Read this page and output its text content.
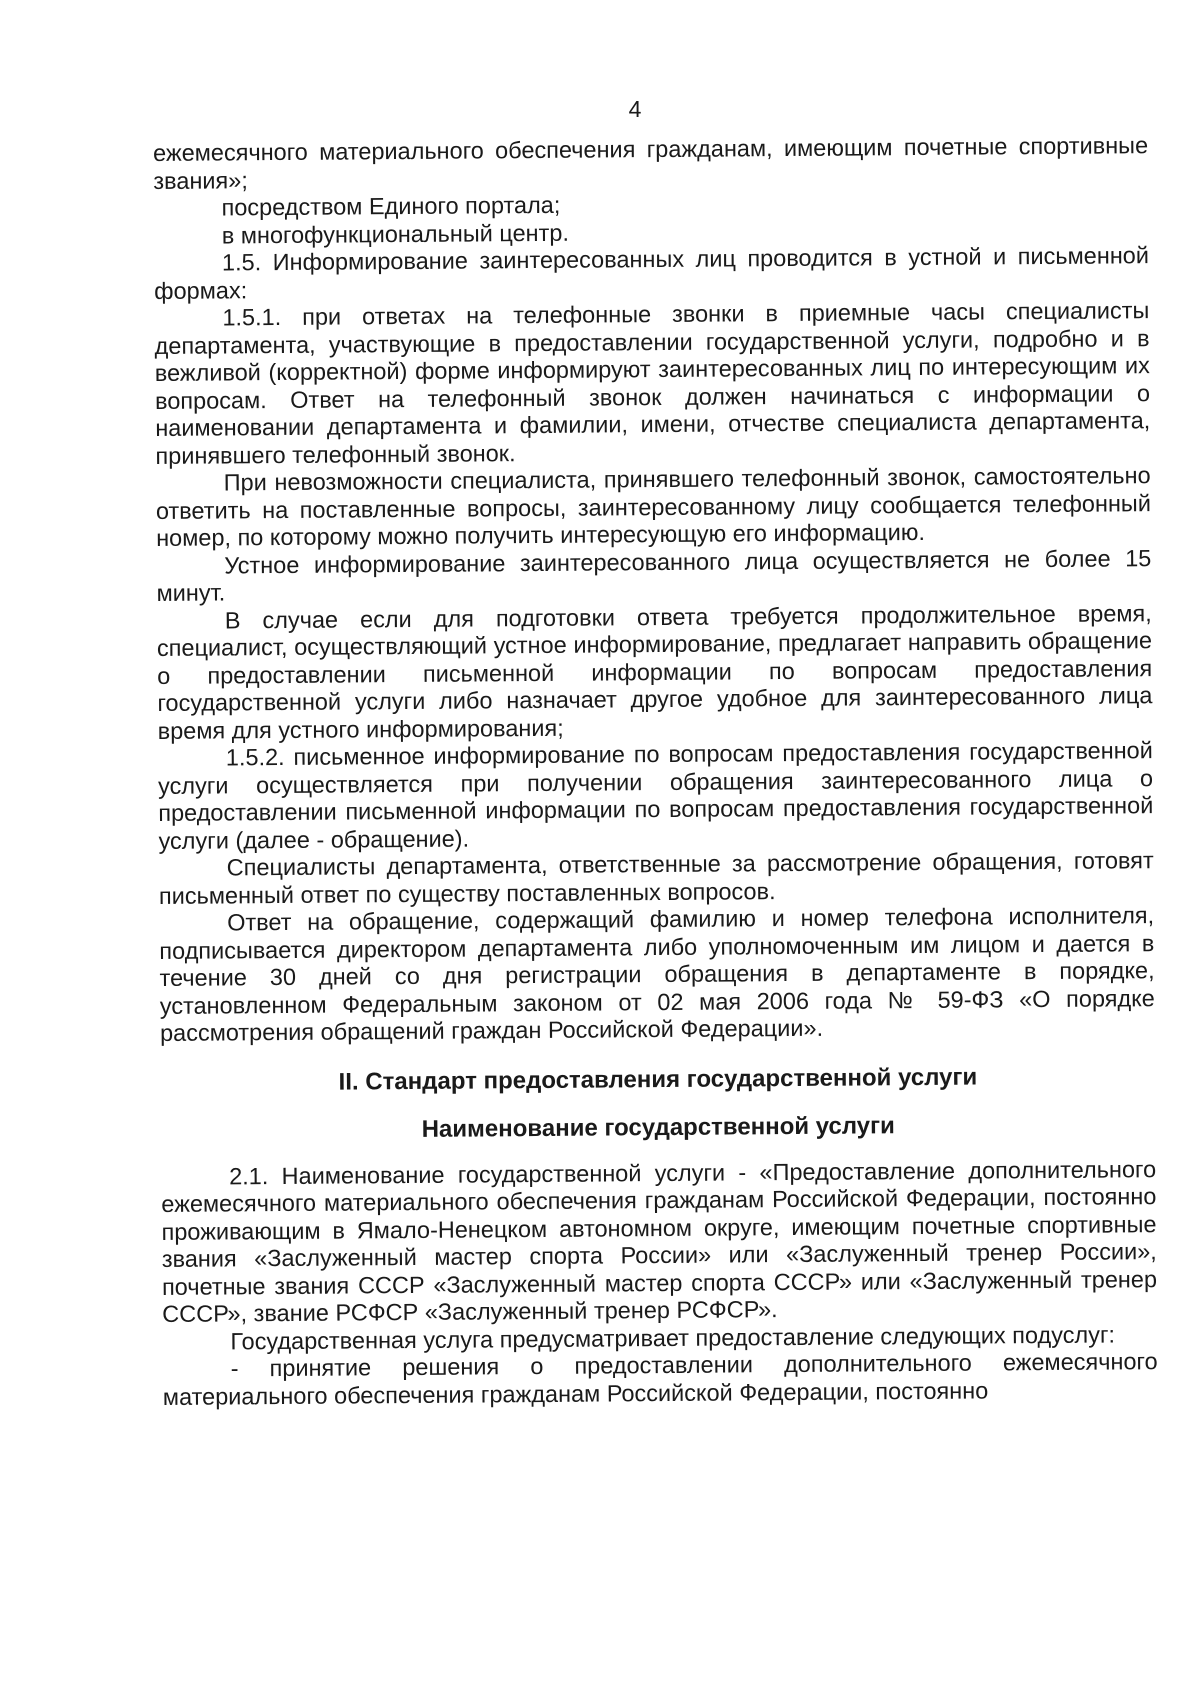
4

ежемесячного материального обеспечения гражданам, имеющим почетные спортивные звания»;

посредством Единого портала;

в многофункциональный центр.

1.5. Информирование заинтересованных лиц проводится в устной и письменной формах:

1.5.1. при ответах на телефонные звонки в приемные часы специалисты департамента, участвующие в предоставлении государственной услуги, подробно и в вежливой (корректной) форме информируют заинтересованных лиц по интересующим их вопросам. Ответ на телефонный звонок должен начинаться с информации о наименовании департамента и фамилии, имени, отчестве специалиста департамента, принявшего телефонный звонок.

При невозможности специалиста, принявшего телефонный звонок, самостоятельно ответить на поставленные вопросы, заинтересованному лицу сообщается телефонный номер, по которому можно получить интересующую его информацию.

Устное информирование заинтересованного лица осуществляется не более 15 минут.

В случае если для подготовки ответа требуется продолжительное время, специалист, осуществляющий устное информирование, предлагает направить обращение о предоставлении письменной информации по вопросам предоставления государственной услуги либо назначает другое удобное для заинтересованного лица время для устного информирования;

1.5.2. письменное информирование по вопросам предоставления государственной услуги осуществляется при получении обращения заинтересованного лица о предоставлении письменной информации по вопросам предоставления государственной услуги (далее - обращение).

Специалисты департамента, ответственные за рассмотрение обращения, готовят письменный ответ по существу поставленных вопросов.

Ответ на обращение, содержащий фамилию и номер телефона исполнителя, подписывается директором департамента либо уполномоченным им лицом и дается в течение 30 дней со дня регистрации обращения в департаменте в порядке, установленном Федеральным законом от 02 мая 2006 года № 59-ФЗ «О порядке рассмотрения обращений граждан Российской Федерации».

II. Стандарт предоставления государственной услуги
Наименование государственной услуги

2.1. Наименование государственной услуги - «Предоставление дополнительного ежемесячного материального обеспечения гражданам Российской Федерации, постоянно проживающим в Ямало-Ненецком автономном округе, имеющим почетные спортивные звания «Заслуженный мастер спорта России» или «Заслуженный тренер России», почетные звания СССР «Заслуженный мастер спорта СССР» или «Заслуженный тренер СССР», звание РСФСР «Заслуженный тренер РСФСР».

Государственная услуга предусматривает предоставление следующих подуслуг:

- принятие решения о предоставлении дополнительного ежемесячного материального обеспечения гражданам Российской Федерации, постоянно
